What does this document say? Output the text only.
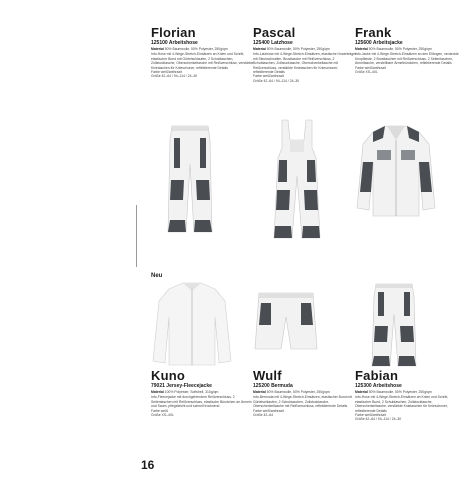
Florian
125100 Arbeitshose
Material 50% Baumwolle, 50% Polyester, 250g/qm
Info-Hose mit 4-Wege-Stretch-Einsätzen an Knien und Schritt, elastischer Bund mit Gürtelschlaufen, 2 Schubtaschen, Zollstocktasche, Oberschenkeltasche mit Reißverschluss, verstärkte Knietaschen für Knieschoner, reflektierende Details
Farbe weiß/anthrazit
Größe 42–64 / 94–114 / 24–30
Pascal
125400 Latzhose
Material 50% Baumwolle, 50% Polyester, 250g/qm
Info-Latzhose mit 4-Wege-Stretch-Einsätzen, elastische Hosenträger mit Steckschnallen, Brusttasche mit Reißverschluss, 2 Schubtaschen, Zollstocktasche, Oberschenkeltasche mit Reißverschluss, verstärkte Knietaschen für Knieschoner, reflektierende Details
Farbe weiß/anthrazit
Größe 42–64 / 94–114 / 24–30
Frank
125600 Arbeitsjacke
Material 50% Baumwolle, 50% Polyester, 250g/qm
Info-Jacke mit 4-Wege-Stretch-Einsätzen an den Ellbogen, verdeckte Knopfleiste, 2 Brusttaschen mit Reißverschluss, 2 Seitentaschen, Ärmeltasche, verstellbare Ärmelbündchen, reflektierende Details
Farbe weiß/anthrazit
Größe XS–4XL
Neu
Kuno
79021 Jersey-Fleecejacke
Material 100% Polyester, Softshell, 310g/qm
Info-Fleecejacke mit durchgehendem Reißverschluss, 2 Seitentaschen mit Reißverschluss, elastische Bündchen an Ärmeln und Saum, pflegeleicht und schnell trocknend
Farbe weiß
Größe XS–4XL
Wulf
125200 Bermuda
Material 50% Baumwolle, 50% Polyester, 250g/qm
Info-Bermuda mit 4-Wege-Stretch-Einsätzen, elastischer Bund mit Gürtelschlaufen, 2 Schubtaschen, Zollstocktasche, Oberschenkeltasche mit Reißverschluss, reflektierende Details
Farbe weiß/anthrazit
Größe 42–64
Fabian
125300 Arbeitshose
Material 50% Baumwolle, 50% Polyester, 250g/qm
Info-Hose mit 4-Wege-Stretch-Einsätzen an Knien und Schritt, elastischer Bund, 2 Schubtaschen, Zollstocktasche, Oberschenkeltasche, verstärkte Knietaschen für Knieschoner, reflektierende Details
Farbe weiß/anthrazit
Größe 42–64 / 94–114 / 24–30
16
